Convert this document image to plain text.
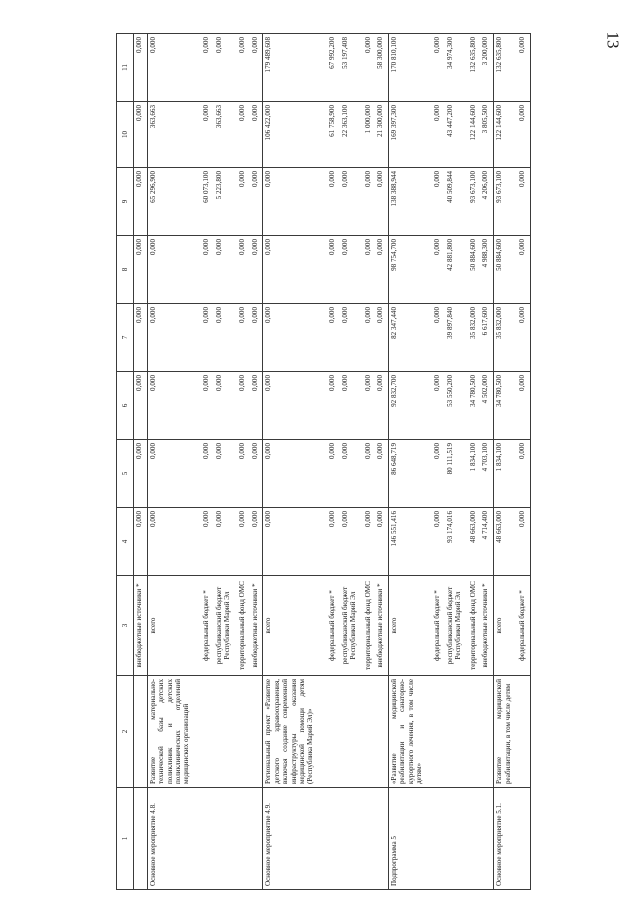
13
1	2	3	4	5	6	7	8	9	10	11
		внебюджетные источники *	0,000	0,000	0,000	0,000	0,000	0,000	0,000	0,000
Основное мероприятие 4.8.	Развитие материально-технической базы детских поликлиник и детских поликлинических отделений медицинских организаций	всего	0,000	0,000	0,000	0,000	0,000	65 296,900	363,663	0,000
		федеральный бюджет *	0,000	0,000	0,000	0,000	0,000	60 073,100	0,000	0,000
		республиканский бюджет Республики Марий Эл	0,000	0,000	0,000	0,000	0,000	5 223,800	363,663	0,000
		территориальный фонд ОМС	0,000	0,000	0,000	0,000	0,000	0,000	0,000	0,000
		внебюджетные источники *	0,000	0,000	0,000	0,000	0,000	0,000	0,000	0,000
Основное мероприятие 4.9.	Региональный проект «Развитие детского здравоохранения, включая создание современной инфраструктуры оказания медицинской помощи детям (Республика Марий Эл)»	всего	0,000	0,000	0,000	0,000	0,000	0,000	106 422,000	179 489,608
		федеральный бюджет *	0,000	0,000	0,000	0,000	0,000	0,000	61 758,900	67 992,200
		республиканский бюджет Республики Марий Эл	0,000	0,000	0,000	0,000	0,000	0,000	22 363,100	53 197,408
		территориальный фонд ОМС	0,000	0,000	0,000	0,000	0,000	0,000	1 000,000	0,000
		внебюджетные источники *	0,000	0,000	0,000	0,000	0,000	0,000	21 300,000	58 300,000
Подпрограмма 5	«Развитие медицинской реабилитации и санаторно-курортного лечения, в том числе детям»	всего	146 551,416	86 648,719	92 832,700	82 347,440	98 754,700	138 388,944	169 397,300	170 810,100
		федеральный бюджет *	0,000	0,000	0,000	0,000	0,000	0,000	0,000	0,000
		республиканский бюджет Республики Марий Эл	93 174,016	80 111,519	53 550,200	39 897,840	42 881,800	40 509,844	43 447,200	34 974,300
		территориальный фонд ОМС	48 663,000	1 834,100	34 780,500	35 832,000	50 884,600	93 673,100	122 144,600	132 635,800
		внебюджетные источники *	4 714,400	4 703,100	4 502,000	6 617,600	4 988,300	4 206,000	3 805,500	3 200,000
Основное мероприятие 5.1.	Развитие медицинской реабилитации, в том числе детям	всего	48 663,000	1 834,100	34 780,500	35 832,000	50 884,600	93 673,100	122 144,600	132 635,800
		федеральный бюджет *	0,000	0,000	0,000	0,000	0,000	0,000	0,000	0,000
